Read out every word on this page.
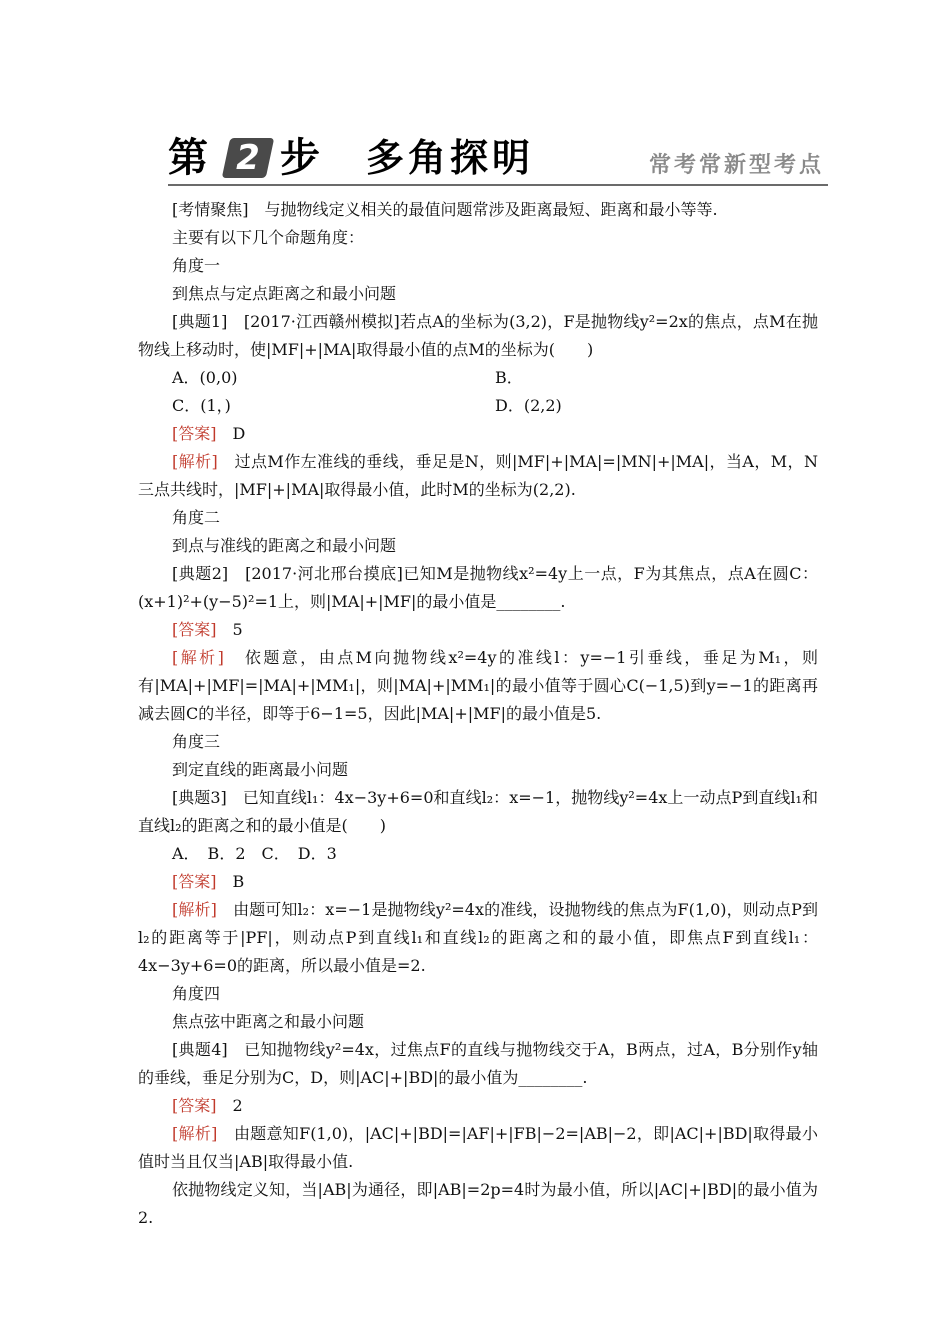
第 2 步 多角探明	常考常新型考点

[考情聚焦]　 与抛物线定义相关的最值问题常涉及距离最短、距离和最小等等.

主要有以下几个命题角度：
角度一
到焦点与定点距离之和最小问题

[典题1]　 [2017·江西赣州模拟]若点A的坐标为(3,2)，F是抛物线y²=2x的焦点，点M在抛物线上移动时，使|MF|+|MA|取得最小值的点M的坐标为(　　)

A．(0,0)	B．
C．(1，)	D．(2,2)
[答案]　 D

[解析]　 过点M作左准线的垂线，垂足是N，则|MF|+|MA|=|MN|+|MA|，当A，M，N三点共线时，|MF|+|MA|取得最小值，此时M的坐标为(2,2).

角度二
到点与准线的距离之和最小问题

[典题2]　 [2017·河北邢台摸底]已知M是抛物线x²=4y上一点，F为其焦点，点A在圆C：(x+1)²+(y−5)²=1上，则|MA|+|MF|的最小值是________.

[答案]　 5

[解析]　 依题意，由点M向抛物线x²=4y的准线l：y=−1引垂线，垂足为M₁，则有|MA|+|MF|=|MA|+|MM₁|，则|MA|+|MM₁|的最小值等于圆心C(−1,5)到y=−1的距离再减去圆C的半径，即等于6−1=5，因此|MA|+|MF|的最小值是5.

角度三
到定直线的距离最小问题

[典题3]　 已知直线l₁：4x−3y+6=0和直线l₂：x=−1，抛物线y²=4x上一动点P到直线l₁和直线l₂的距离之和的最小值是(　　)

A．　B．2　C．　D．3
[答案]　 B

[解析]　 由题可知l₂：x=−1是抛物线y²=4x的准线，设抛物线的焦点为F(1,0)，则动点P到l₂的距离等于|PF|，则动点P到直线l₁和直线l₂的距离之和的最小值，即焦点F到直线l₁：4x−3y+6=0的距离，所以最小值是=2.

角度四
焦点弦中距离之和最小问题

[典题4]　 已知抛物线y²=4x，过焦点F的直线与抛物线交于A，B两点，过A，B分别作y轴的垂线，垂足分别为C，D，则|AC|+|BD|的最小值为________.

[答案]　 2

[解析]　 由题意知F(1,0)，|AC|+|BD|=|AF|+|FB|−2=|AB|−2，即|AC|+|BD|取得最小值时当且仅当|AB|取得最小值.

依抛物线定义知，当|AB|为通径，即|AB|=2p=4时为最小值，所以|AC|+|BD|的最小值为2.
